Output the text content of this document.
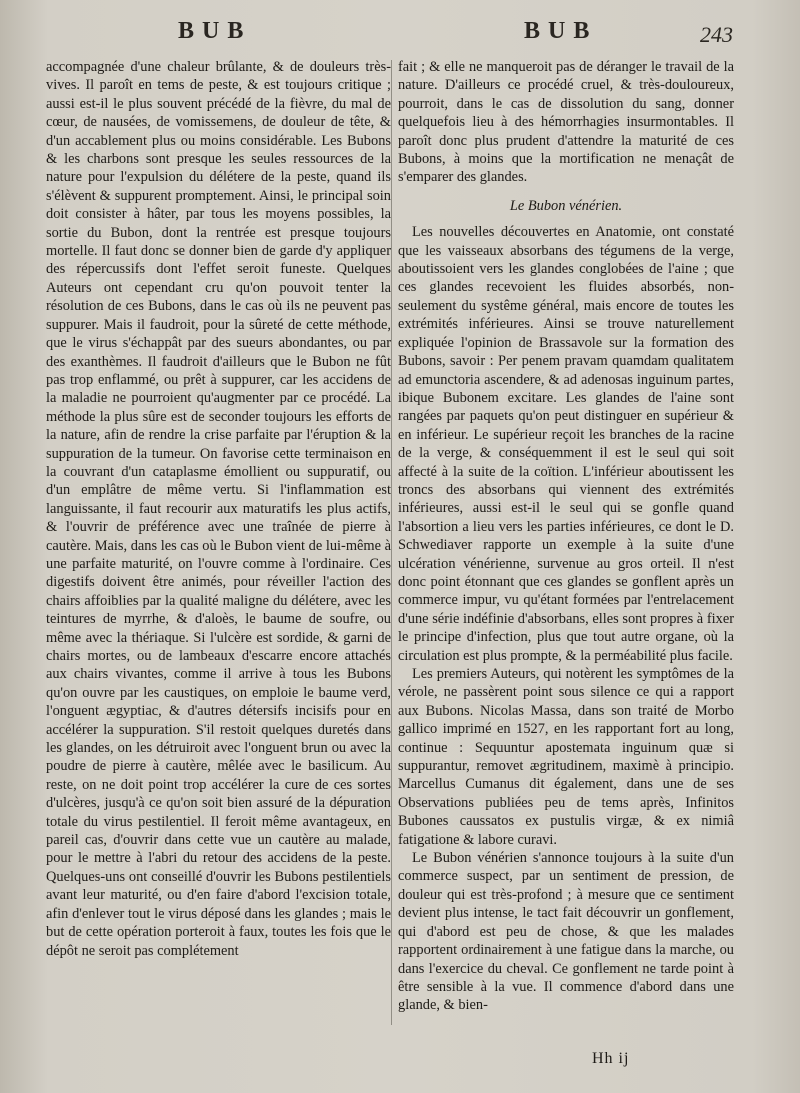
BUB	BUB	243

accompagnée d'une chaleur brûlante, & de douleurs très-vives. Il paroît en tems de peste, & est toujours critique ; aussi est-il le plus souvent précédé de la fièvre, du mal de cœur, de nausées, de vomissemens, de douleur de tête, & d'un accablement plus ou moins considérable. Les Bubons & les charbons sont presque les seules ressources de la nature pour l'expulsion du délétere de la peste, quand ils s'élèvent & suppurent promptement. Ainsi, le principal soin doit consister à hâter, par tous les moyens possibles, la sortie du Bubon, dont la rentrée est presque toujours mortelle. Il faut donc se donner bien de garde d'y appliquer des répercussifs dont l'effet seroit funeste. Quelques Auteurs ont cependant cru qu'on pouvoit tenter la résolution de ces Bubons, dans le cas où ils ne peuvent pas suppurer. Mais il faudroit, pour la sûreté de cette méthode, que le virus s'échappât par des sueurs abondantes, ou par des exanthèmes. Il faudroit d'ailleurs que le Bubon ne fût pas trop enflammé, ou prêt à suppurer, car les accidens de la maladie ne pourroient qu'augmenter par ce procédé. La méthode la plus sûre est de seconder toujours les efforts de la nature, afin de rendre la crise parfaite par l'éruption & la suppuration de la tumeur. On favorise cette terminaison en la couvrant d'un cataplasme émollient ou suppuratif, ou d'un emplâtre de même vertu. Si l'inflammation est languissante, il faut recourir aux maturatifs les plus actifs, & l'ouvrir de préférence avec une traînée de pierre à cautère. Mais, dans les cas où le Bubon vient de lui-même à une parfaite maturité, on l'ouvre comme à l'ordinaire. Ces digestifs doivent être animés, pour réveiller l'action des chairs affoiblies par la qualité maligne du délétere, avec les teintures de myrrhe, & d'aloès, le baume de soufre, ou même avec la thériaque. Si l'ulcère est sordide, & garni de chairs mortes, ou de lambeaux d'escarre encore attachés aux chairs vivantes, comme il arrive à tous les Bubons qu'on ouvre par les caustiques, on emploie le baume verd, l'onguent ægyptiac, & d'autres détersifs incisifs pour en accélérer la suppuration. S'il restoit quelques duretés dans les glandes, on les détruiroit avec l'onguent brun ou avec la poudre de pierre à cautère, mêlée avec le basilicum. Au reste, on ne doit point trop accélérer la cure de ces sortes d'ulcères, jusqu'à ce qu'on soit bien assuré de la dépuration totale du virus pestilentiel. Il feroit même avantageux, en pareil cas, d'ouvrir dans cette vue un cautère au malade, pour le mettre à l'abri du retour des accidens de la peste. Quelques-uns ont conseillé d'ouvrir les Bubons pestilentiels avant leur maturité, ou d'en faire d'abord l'excision totale, afin d'enlever tout le virus déposé dans les glandes ; mais le but de cette opération porteroit à faux, toutes les fois que le dépôt ne seroit pas complétement

fait ; & elle ne manqueroit pas de déranger le travail de la nature. D'ailleurs ce procédé cruel, & très-douloureux, pourroit, dans le cas de dissolution du sang, donner quelquefois lieu à des hémorrhagies insurmontables. Il paroît donc plus prudent d'attendre la maturité de ces Bubons, à moins que la mortification ne menaçât de s'emparer des glandes.

Le Bubon vénérien.

Les nouvelles découvertes en Anatomie, ont constaté que les vaisseaux absorbans des tégumens de la verge, aboutissoient vers les glandes conglobées de l'aine ; que ces glandes recevoient les fluides absorbés, non-seulement du systême général, mais encore de toutes les extrémités inférieures. Ainsi se trouve naturellement expliquée l'opinion de Brassavole sur la formation des Bubons, savoir : Per penem pravam quamdam qualitatem ad emunctoria ascendere, & ad adenosas inguinum partes, ibique Bubonem excitare. Les glandes de l'aine sont rangées par paquets qu'on peut distinguer en supérieur & en inférieur. Le supérieur reçoit les branches de la racine de la verge, & conséquemment il est le seul qui soit affecté à la suite de la coïtion. L'inférieur aboutissent les troncs des absorbans qui viennent des extrémités inférieures, aussi est-il le seul qui se gonfle quand l'absortion a lieu vers les parties inférieures, ce dont le D. Schwediaver rapporte un exemple à la suite d'une ulcération vénérienne, survenue au gros orteil. Il n'est donc point étonnant que ces glandes se gonflent après un commerce impur, vu qu'étant formées par l'entrelacement d'une série indéfinie d'absorbans, elles sont propres à fixer le principe d'infection, plus que tout autre organe, où la circulation est plus prompte, & la perméabilité plus facile.

Les premiers Auteurs, qui notèrent les symptômes de la vérole, ne passèrent point sous silence ce qui a rapport aux Bubons. Nicolas Massa, dans son traité de Morbo gallico imprimé en 1527, en les rapportant fort au long, continue : Sequuntur apostemata inguinum quæ si suppurantur, removet ægritudinem, maximè à principio. Marcellus Cumanus dit également, dans une de ses Observations publiées peu de tems après, Infinitos Bubones caussatos ex pustulis virgæ, & ex nimiâ fatigatione & labore curavi.

Le Bubon vénérien s'annonce toujours à la suite d'un commerce suspect, par un sentiment de pression, de douleur qui est très-profond ; à mesure que ce sentiment devient plus intense, le tact fait découvrir un gonflement, qui d'abord est peu de chose, & que les malades rapportent ordinairement à une fatigue dans la marche, ou dans l'exercice du cheval. Ce gonflement ne tarde point à être sensible à la vue. Il commence d'abord dans une glande, & bien-

Hh ij
